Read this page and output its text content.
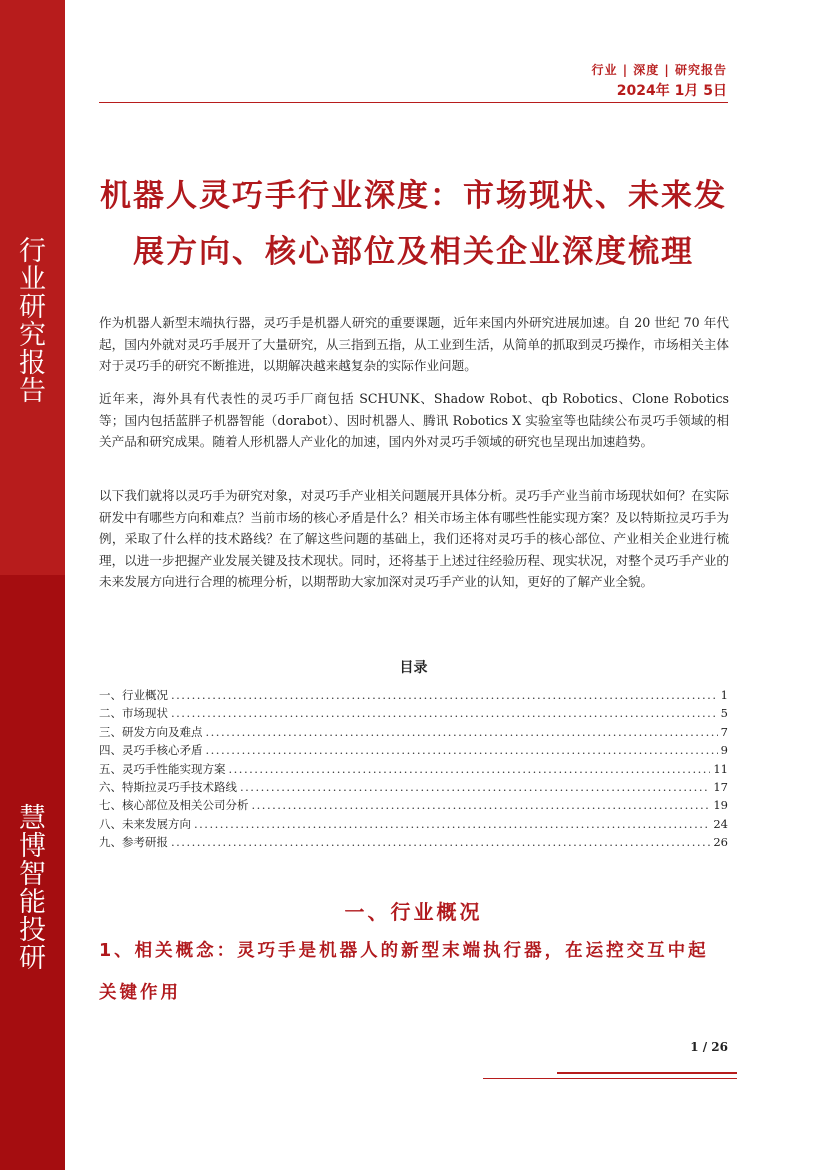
行
业
研
究
报
告
慧
博
智
能
投
研
行业 | 深度 | 研究报告
2024年 1月 5日
机器人灵巧手行业深度：市场现状、未来发
展方向、核心部位及相关企业深度梳理
作为机器人新型末端执行器，灵巧手是机器人研究的重要课题，近年来国内外研究进展加速。自 20 世纪 70 年代起，国内外就对灵巧手展开了大量研究，从三指到五指，从工业到生活，从简单的抓取到灵巧操作，市场相关主体对于灵巧手的研究不断推进，以期解决越来越复杂的实际作业问题。
近年来，海外具有代表性的灵巧手厂商包括 SCHUNK、Shadow Robot、qb Robotics、Clone Robotics 等；国内包括蓝胖子机器智能（dorabot）、因时机器人、腾讯 Robotics X 实验室等也陆续公布灵巧手领域的相关产品和研究成果。随着人形机器人产业化的加速，国内外对灵巧手领域的研究也呈现出加速趋势。
以下我们就将以灵巧手为研究对象，对灵巧手产业相关问题展开具体分析。灵巧手产业当前市场现状如何？在实际研发中有哪些方向和难点？当前市场的核心矛盾是什么？相关市场主体有哪些性能实现方案？及以特斯拉灵巧手为例，采取了什么样的技术路线？在了解这些问题的基础上，我们还将对灵巧手的核心部位、产业相关企业进行梳理，以进一步把握产业发展关键及技术现状。同时，还将基于上述过往经验历程、现实状况，对整个灵巧手产业的未来发展方向进行合理的梳理分析，以期帮助大家加深对灵巧手产业的认知，更好的了解产业全貌。
目录
一、行业概况 .....	1
二、市场现状 .....	5
三、研发方向及难点 .....	7
四、灵巧手核心矛盾 .....	9
五、灵巧手性能实现方案 .....	11
六、特斯拉灵巧手技术路线 .....	17
七、核心部位及相关公司分析 .....	19
八、未来发展方向 .....	24
九、参考研报 .....	26
一、行业概况
1、相关概念：灵巧手是机器人的新型末端执行器，在运控交互中起关键作用
1 / 26
